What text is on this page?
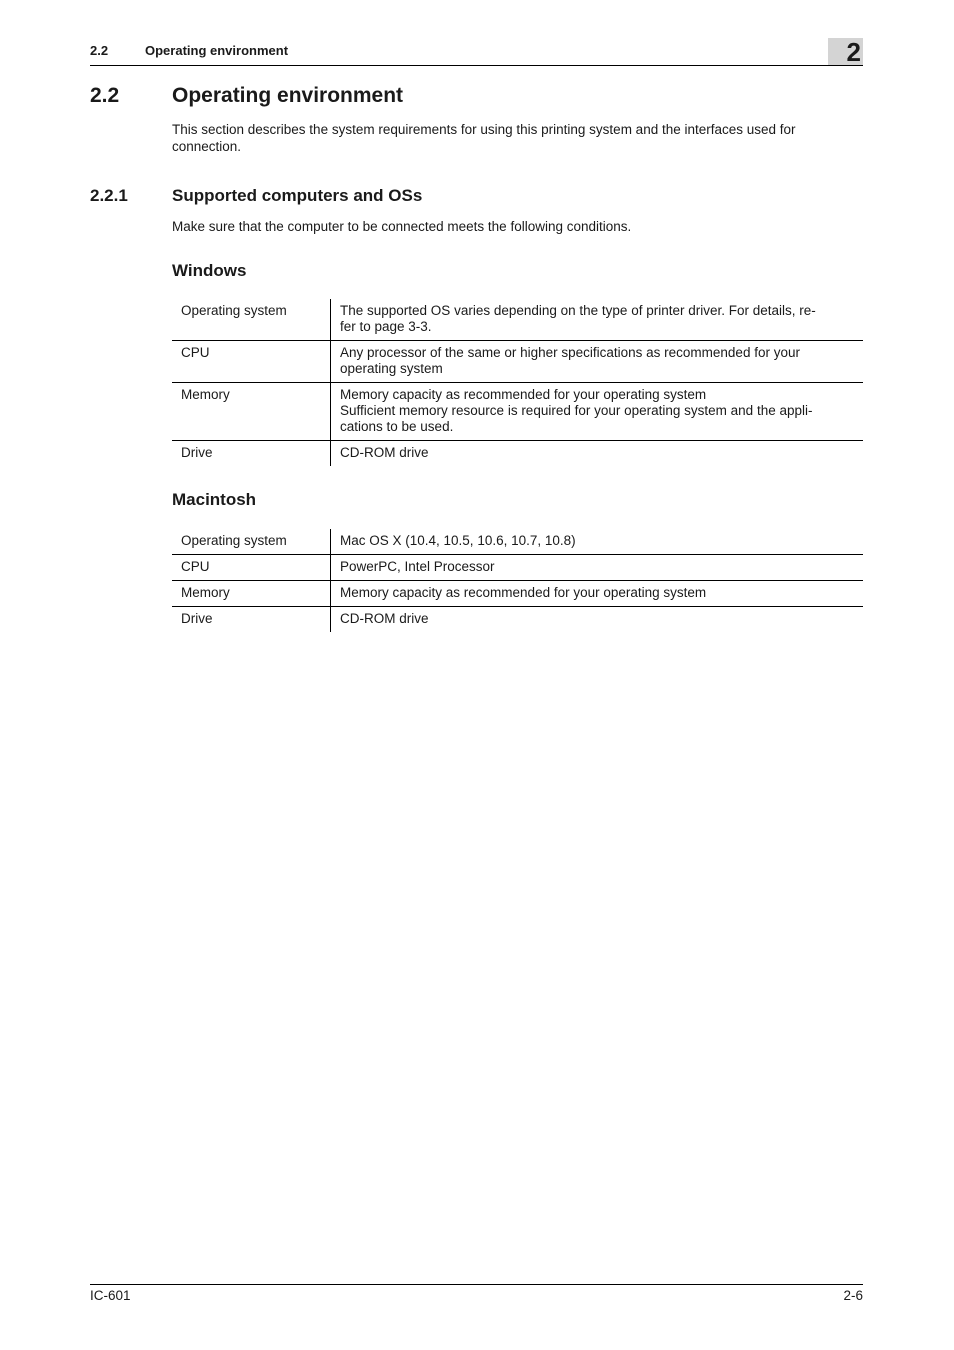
2.2	Operating environment	2
2.2	Operating environment
This section describes the system requirements for using this printing system and the interfaces used for connection.
2.2.1	Supported computers and OSs
Make sure that the computer to be connected meets the following conditions.
Windows
Operating system	The supported OS varies depending on the type of printer driver. For details, re-
fer to page 3-3.

CPU	Any processor of the same or higher specifications as recommended for your
operating system

Memory	Memory capacity as recommended for your operating system
Sufficient memory resource is required for your operating system and the appli-
cations to be used.

Drive	CD-ROM drive
Macintosh
Operating system	Mac OS X (10.4, 10.5, 10.6, 10.7, 10.8)

CPU	PowerPC, Intel Processor

Memory	Memory capacity as recommended for your operating system

Drive	CD-ROM drive
IC-601	2-6
